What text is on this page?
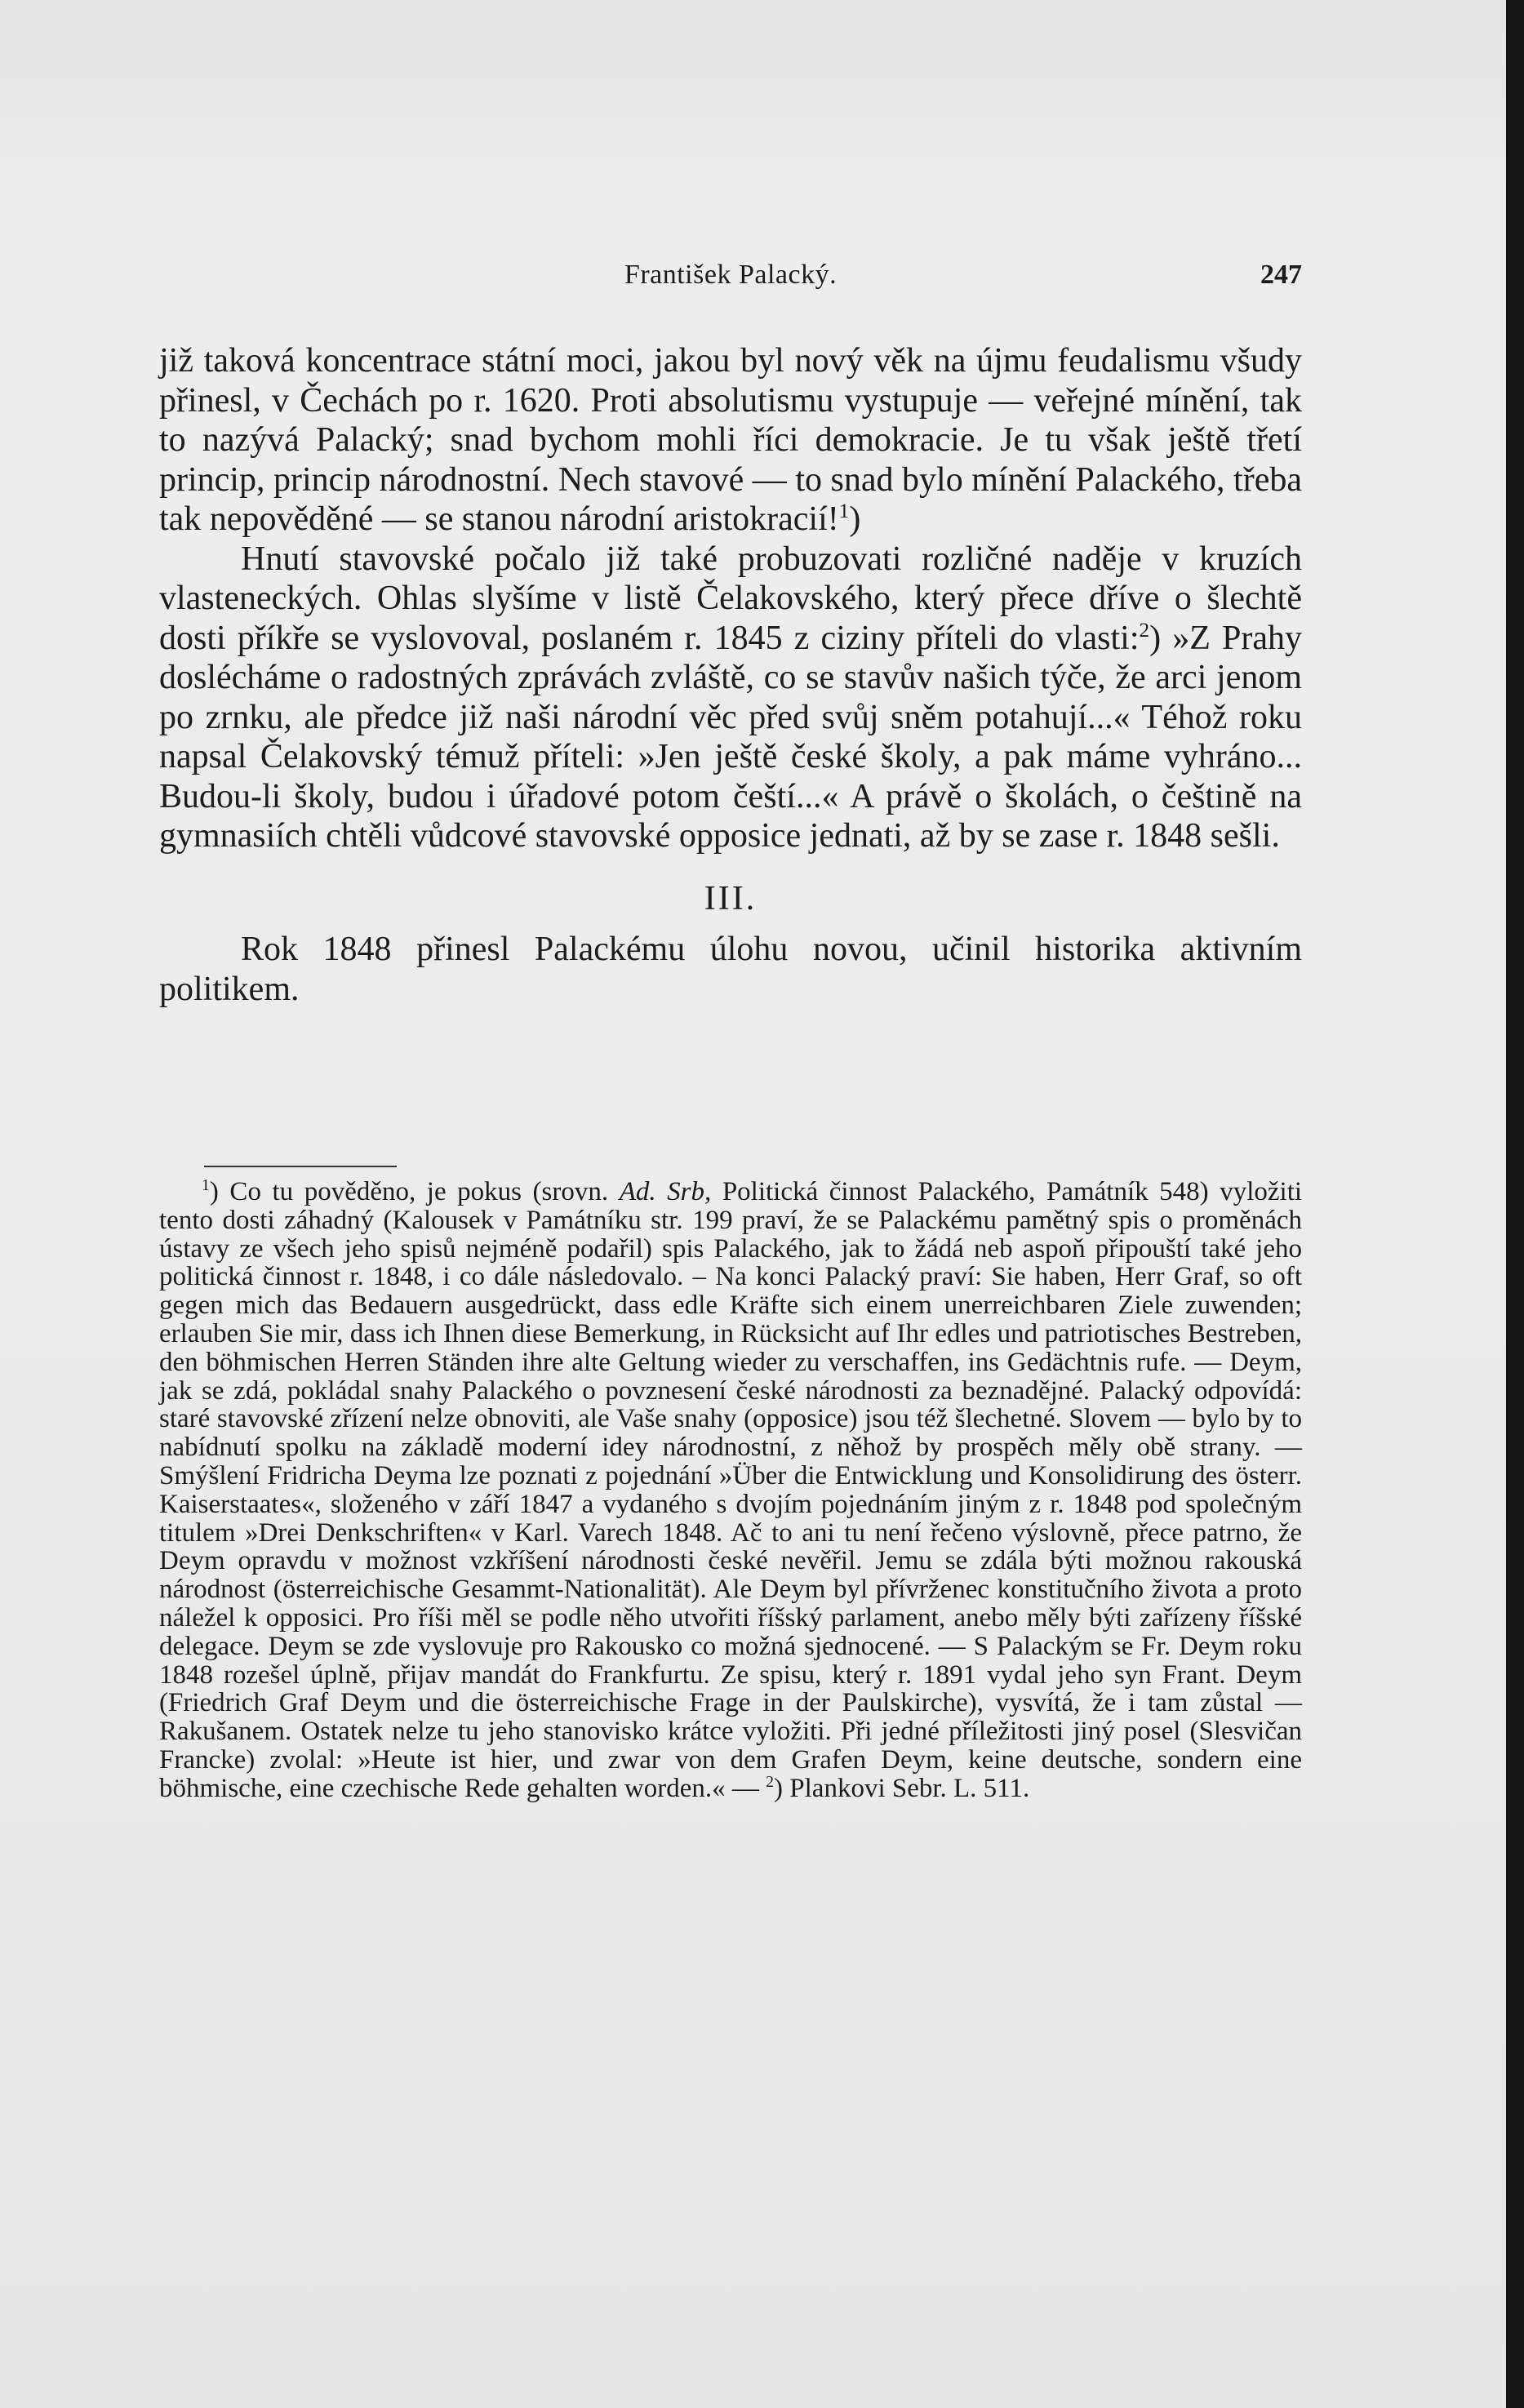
František Palacký.	247

již taková koncentrace státní moci, jakou byl nový věk na újmu feudalismu všudy přinesl, v Čechách po r. 1620. Proti absolutismu vystupuje — veřejné mínění, tak to nazývá Palacký; snad bychom mohli říci demokracie. Je tu však ještě třetí princip, princip národnostní. Nech stavové — to snad bylo mínění Palackého, třeba tak nepověděné — se stanou národní aristokracií!$^1$)

Hnutí stavovské počalo již také probuzovati rozličné naděje v kruzích vlasteneckých. Ohlas slyšíme v listě Čelakovského, který přece dříve o šlechtě dosti příkře se vyslovoval, poslaném r. 1845 z ciziny příteli do vlasti:$^2$) »Z Prahy doslécháme o radostných zprávách zvláště, co se stavův našich týče, že arci jenom po zrnku, ale předce již naši národní věc před svůj sněm potahují...« Téhož roku napsal Čelakovský témuž příteli: »Jen ještě české školy, a pak máme vyhráno... Budou-li školy, budou i úřadové potom čeští...« A právě o školách, o češtině na gymnasiích chtěli vůdcové stavovské opposice jednati, až by se zase r. 1848 sešli.

III.

Rok 1848 přinesl Palackému úlohu novou, učinil historika aktivním politikem.

$^1$) Co tu pověděno, je pokus (srovn. Ad. Srb, Politická činnost Palackého, Památník 548) vyložiti tento dosti záhadný (Kalousek v Památníku str. 199 praví, že se Palackému pamětný spis o proměnách ústavy ze všech jeho spisů nejméně podařil) spis Palackého, jak to žádá neb aspoň připouští také jeho politická činnost r. 1848, i co dále následovalo. – Na konci Palacký praví: Sie haben, Herr Graf, so oft gegen mich das Bedauern ausgedrückt, dass edle Kräfte sich einem unerreichbaren Ziele zuwenden; erlauben Sie mir, dass ich Ihnen diese Bemerkung, in Rücksicht auf Ihr edles und patriotisches Bestreben, den böhmischen Herren Ständen ihre alte Geltung wieder zu verschaffen, ins Gedächtnis rufe. — Deym, jak se zdá, pokládal snahy Palackého o povznesení české národnosti za beznadějné. Palacký odpovídá: staré stavovské zřízení nelze obnoviti, ale Vaše snahy (opposice) jsou též šlechetné. Slovem — bylo by to nabídnutí spolku na základě moderní idey národnostní, z něhož by prospěch měly obě strany. — Smýšlení Fridricha Deyma lze poznati z pojednání »Über die Entwicklung und Konsolidirung des österr. Kaiserstaates«, složeného v září 1847 a vydaného s dvojím pojednáním jiným z r. 1848 pod společným titulem »Drei Denkschriften« v Karl. Varech 1848. Ač to ani tu není řečeno výslovně, přece patrno, že Deym opravdu v možnost vzkříšení národnosti české nevěřil. Jemu se zdála býti možnou rakouská národnost (österreichische Gesammt-Nationalität). Ale Deym byl přívrženec konstitučního života a proto náležel k opposici. Pro říši měl se podle něho utvořiti říšský parlament, anebo měly býti zařízeny říšské delegace. Deym se zde vyslovuje pro Rakousko co možná sjednocené. — S Palackým se Fr. Deym roku 1848 rozešel úplně, přijav mandát do Frankfurtu. Ze spisu, který r. 1891 vydal jeho syn Frant. Deym (Friedrich Graf Deym und die österreichische Frage in der Paulskirche), vysvítá, že i tam zůstal — Rakušanem. Ostatek nelze tu jeho stanovisko krátce vyložiti. Při jedné příležitosti jiný posel (Slesvičan Francke) zvolal: »Heute ist hier, und zwar von dem Grafen Deym, keine deutsche, sondern eine böhmische, eine czechische Rede gehalten worden.« — $^2$) Plankovi Sebr. L. 511.
